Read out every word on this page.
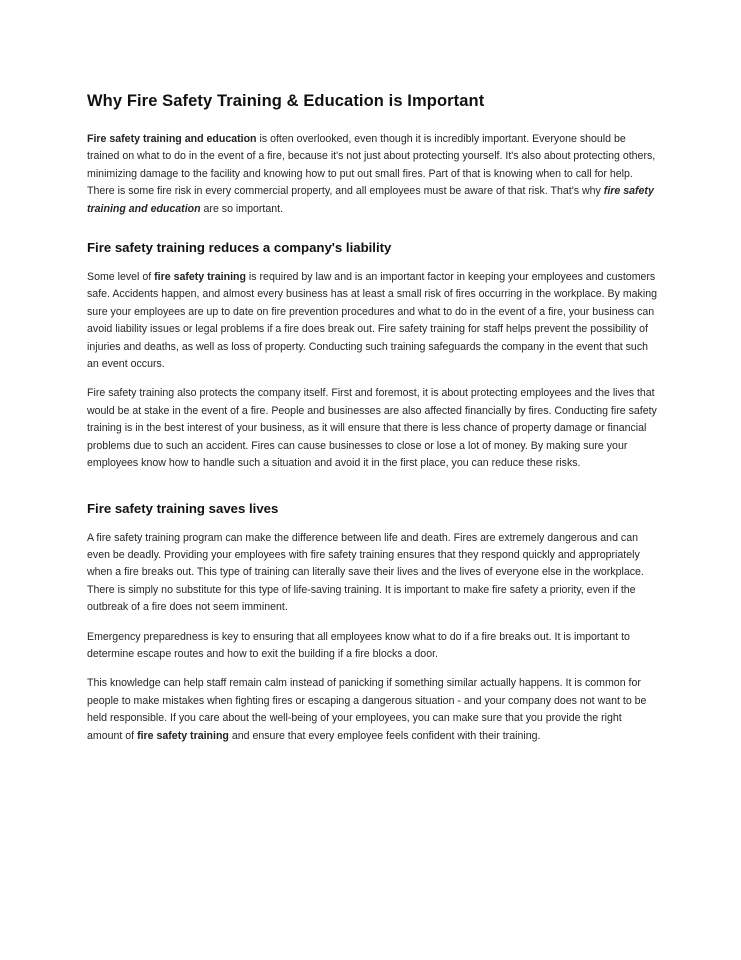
Why Fire Safety Training & Education is Important

Fire safety training and education is often overlooked, even though it is incredibly important. Everyone should be trained on what to do in the event of a fire, because it's not just about protecting yourself. It's also about protecting others, minimizing damage to the facility and knowing how to put out small fires. Part of that is knowing when to call for help. There is some fire risk in every commercial property, and all employees must be aware of that risk. That's why fire safety training and education are so important.

Fire safety training reduces a company's liability

Some level of fire safety training is required by law and is an important factor in keeping your employees and customers safe. Accidents happen, and almost every business has at least a small risk of fires occurring in the workplace. By making sure your employees are up to date on fire prevention procedures and what to do in the event of a fire, your business can avoid liability issues or legal problems if a fire does break out. Fire safety training for staff helps prevent the possibility of injuries and deaths, as well as loss of property. Conducting such training safeguards the company in the event that such an event occurs.

Fire safety training also protects the company itself. First and foremost, it is about protecting employees and the lives that would be at stake in the event of a fire. People and businesses are also affected financially by fires. Conducting fire safety training is in the best interest of your business, as it will ensure that there is less chance of property damage or financial problems due to such an accident. Fires can cause businesses to close or lose a lot of money. By making sure your employees know how to handle such a situation and avoid it in the first place, you can reduce these risks.

Fire safety training saves lives

A fire safety training program can make the difference between life and death. Fires are extremely dangerous and can even be deadly. Providing your employees with fire safety training ensures that they respond quickly and appropriately when a fire breaks out. This type of training can literally save their lives and the lives of everyone else in the workplace. There is simply no substitute for this type of life-saving training. It is important to make fire safety a priority, even if the outbreak of a fire does not seem imminent.

Emergency preparedness is key to ensuring that all employees know what to do if a fire breaks out. It is important to determine escape routes and how to exit the building if a fire blocks a door.

This knowledge can help staff remain calm instead of panicking if something similar actually happens. It is common for people to make mistakes when fighting fires or escaping a dangerous situation - and your company does not want to be held responsible. If you care about the well-being of your employees, you can make sure that you provide the right amount of fire safety training and ensure that every employee feels confident with their training.
